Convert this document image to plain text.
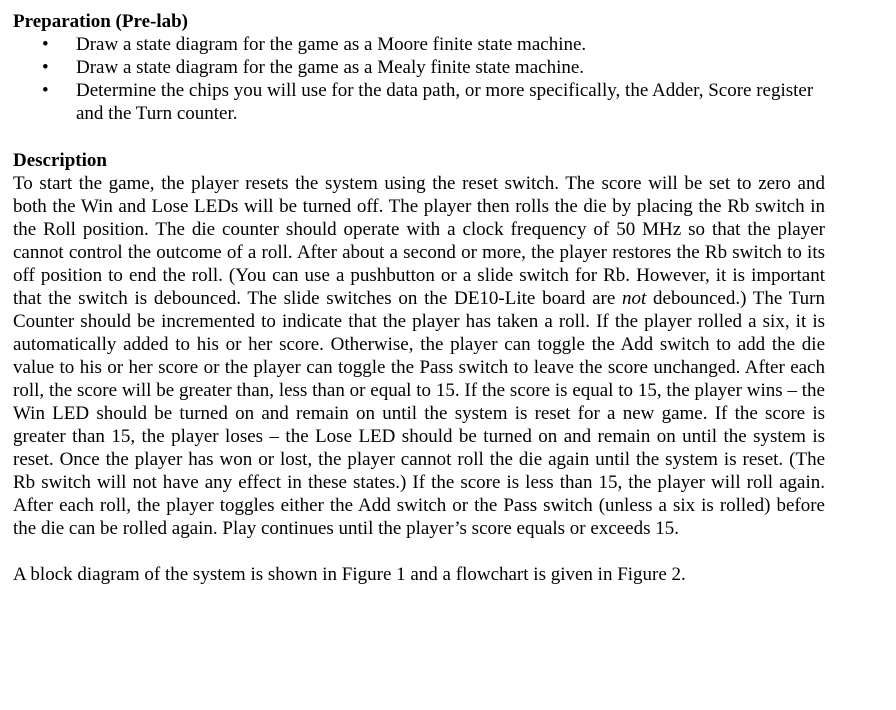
Preparation (Pre-lab)
• Draw a state diagram for the game as a Moore finite state machine.
• Draw a state diagram for the game as a Mealy finite state machine.
• Determine the chips you will use for the data path, or more specifically, the Adder, Score register and the Turn counter.
Description

To start the game, the player resets the system using the reset switch. The score will be set to zero and both the Win and Lose LEDs will be turned off. The player then rolls the die by placing the Rb switch in the Roll position. The die counter should operate with a clock frequency of 50 MHz so that the player cannot control the outcome of a roll. After about a second or more, the player restores the Rb switch to its off position to end the roll. (You can use a pushbutton or a slide switch for Rb. However, it is important that the switch is debounced. The slide switches on the DE10-Lite board are not debounced.) The Turn Counter should be incremented to indicate that the player has taken a roll. If the player rolled a six, it is automatically added to his or her score. Otherwise, the player can toggle the Add switch to add the die value to his or her score or the player can toggle the Pass switch to leave the score unchanged. After each roll, the score will be greater than, less than or equal to 15. If the score is equal to 15, the player wins – the Win LED should be turned on and remain on until the system is reset for a new game. If the score is greater than 15, the player loses – the Lose LED should be turned on and remain on until the system is reset. Once the player has won or lost, the player cannot roll the die again until the system is reset. (The Rb switch will not have any effect in these states.) If the score is less than 15, the player will roll again. After each roll, the player toggles either the Add switch or the Pass switch (unless a six is rolled) before the die can be rolled again. Play continues until the player’s score equals or exceeds 15.

A block diagram of the system is shown in Figure 1 and a flowchart is given in Figure 2.
